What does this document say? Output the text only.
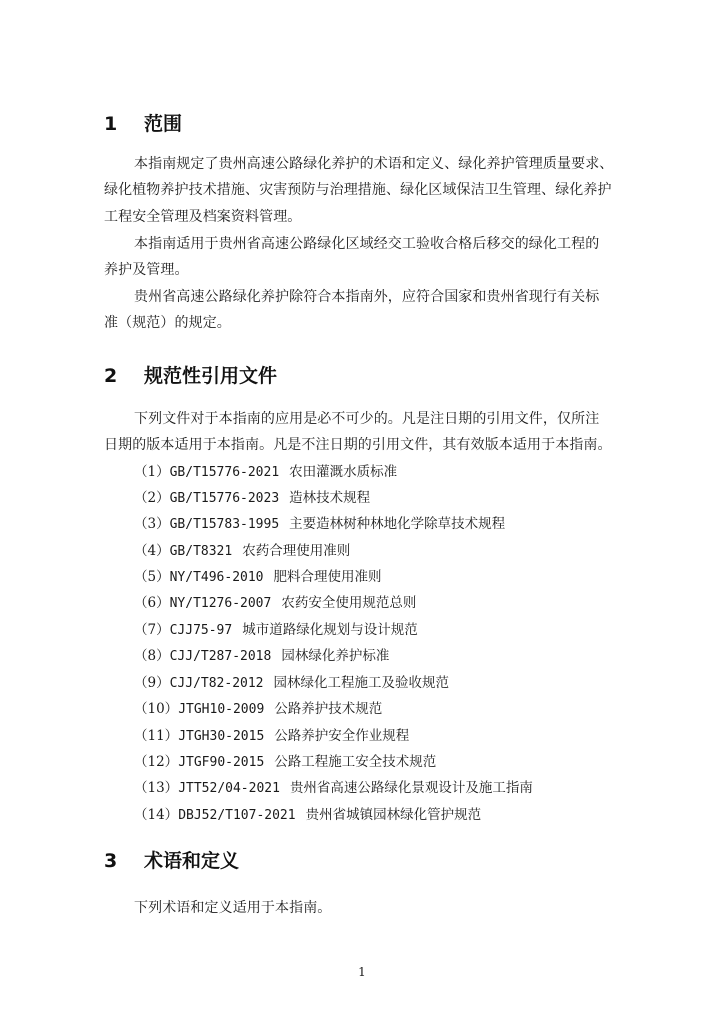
1 范围
本指南规定了贵州高速公路绿化养护的术语和定义、绿化养护管理质量要求、
绿化植物养护技术措施、灾害预防与治理措施、绿化区域保洁卫生管理、绿化养护
工程安全管理及档案资料管理。
本指南适用于贵州省高速公路绿化区域经交工验收合格后移交的绿化工程的
养护及管理。
贵州省高速公路绿化养护除符合本指南外，应符合国家和贵州省现行有关标
准（规范）的规定。
2 规范性引用文件
下列文件对于本指南的应用是必不可少的。凡是注日期的引用文件，仅所注
日期的版本适用于本指南。凡是不注日期的引用文件，其有效版本适用于本指南。
（1）GB/T15776-2021 农田灌溉水质标准
（2）GB/T15776-2023 造林技术规程
（3）GB/T15783-1995 主要造林树种林地化学除草技术规程
（4）GB/T8321 农药合理使用准则
（5）NY/T496-2010 肥料合理使用准则
（6）NY/T1276-2007 农药安全使用规范总则
（7）CJJ75-97 城市道路绿化规划与设计规范
（8）CJJ/T287-2018 园林绿化养护标准
（9）CJJ/T82-2012 园林绿化工程施工及验收规范
（10）JTGH10-2009 公路养护技术规范
（11）JTGH30-2015 公路养护安全作业规程
（12）JTGF90-2015 公路工程施工安全技术规范
（13）JTT52/04-2021 贵州省高速公路绿化景观设计及施工指南
（14）DBJ52/T107-2021 贵州省城镇园林绿化管护规范
3 术语和定义
下列术语和定义适用于本指南。
1
